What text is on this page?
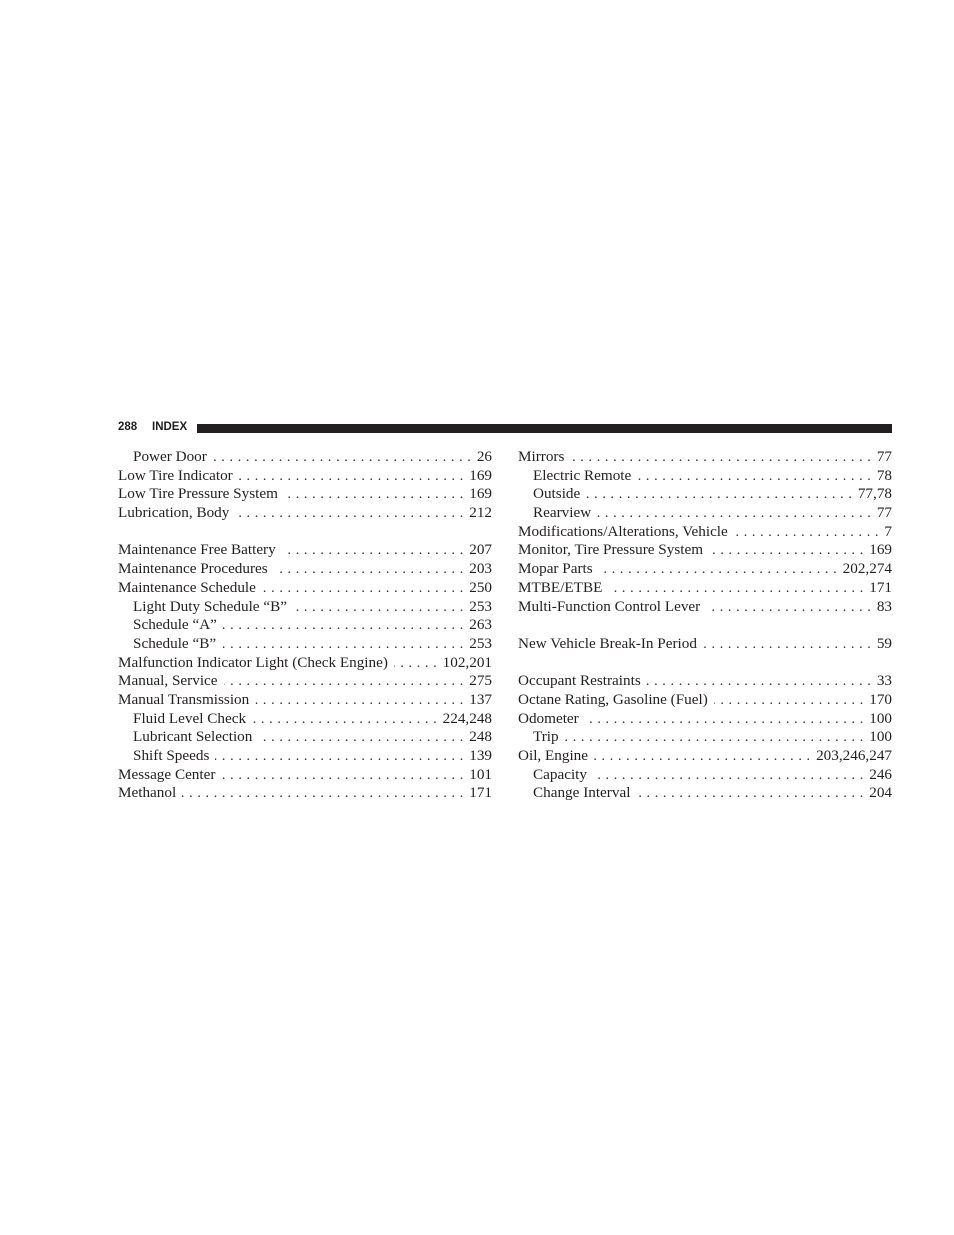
288 INDEX
Power Door . . .	26
Low Tire Indicator . . .	169
Low Tire Pressure System . . .	169
Lubrication, Body . . .	212
Maintenance Free Battery . . .	207
Maintenance Procedures . . .	203
Maintenance Schedule . . .	250
Light Duty Schedule “B” . . .	253
Schedule “A” . . .	263
Schedule “B” . . .	253
Malfunction Indicator Light (Check Engine) . . .	102,201
Manual, Service . . .	275
Manual Transmission . . .	137
Fluid Level Check . . .	224,248
Lubricant Selection . . .	248
Shift Speeds . . .	139
Message Center . . .	101
Methanol . . .	171
Mirrors . . .	77
Electric Remote . . .	78
Outside . . .	77,78
Rearview . . .	77
Modifications/Alterations, Vehicle . . .	7
Monitor, Tire Pressure System . . .	169
Mopar Parts . . .	202,274
MTBE/ETBE . . .	171
Multi-Function Control Lever . . .	83
New Vehicle Break-In Period . . .	59
Occupant Restraints . . .	33
Octane Rating, Gasoline (Fuel) . . .	170
Odometer . . .	100
Trip . . .	100
Oil, Engine . . .	203,246,247
Capacity . . .	246
Change Interval . . .	204
